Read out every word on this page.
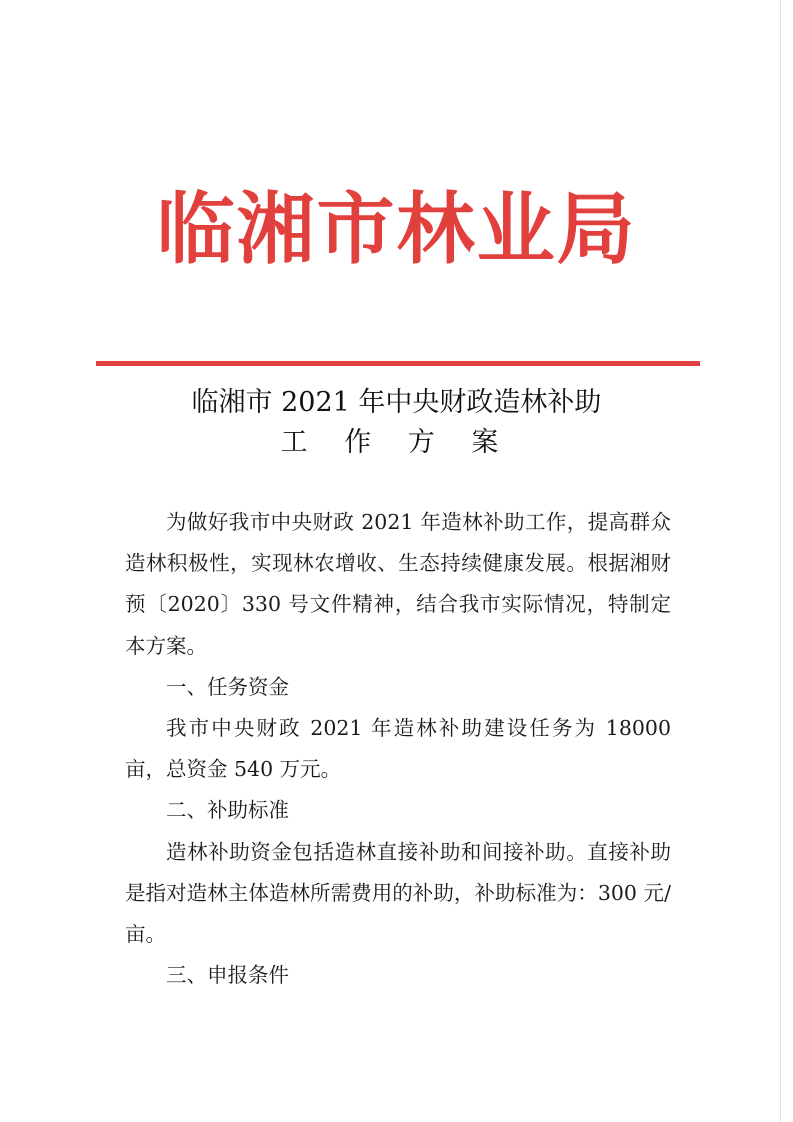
临湘市林业局
临湘市 2021 年中央财政造林补助
工 作 方 案

为做好我市中央财政 2021 年造林补助工作，提高群众造林积极性，实现林农增收、生态持续健康发展。根据湘财预〔2020〕330 号文件精神，结合我市实际情况，特制定本方案。

一、任务资金

我市中央财政 2021 年造林补助建设任务为 18000 亩，总资金 540 万元。

二、补助标准

造林补助资金包括造林直接补助和间接补助。直接补助是指对造林主体造林所需费用的补助，补助标准为：300 元/亩。

三、申报条件
